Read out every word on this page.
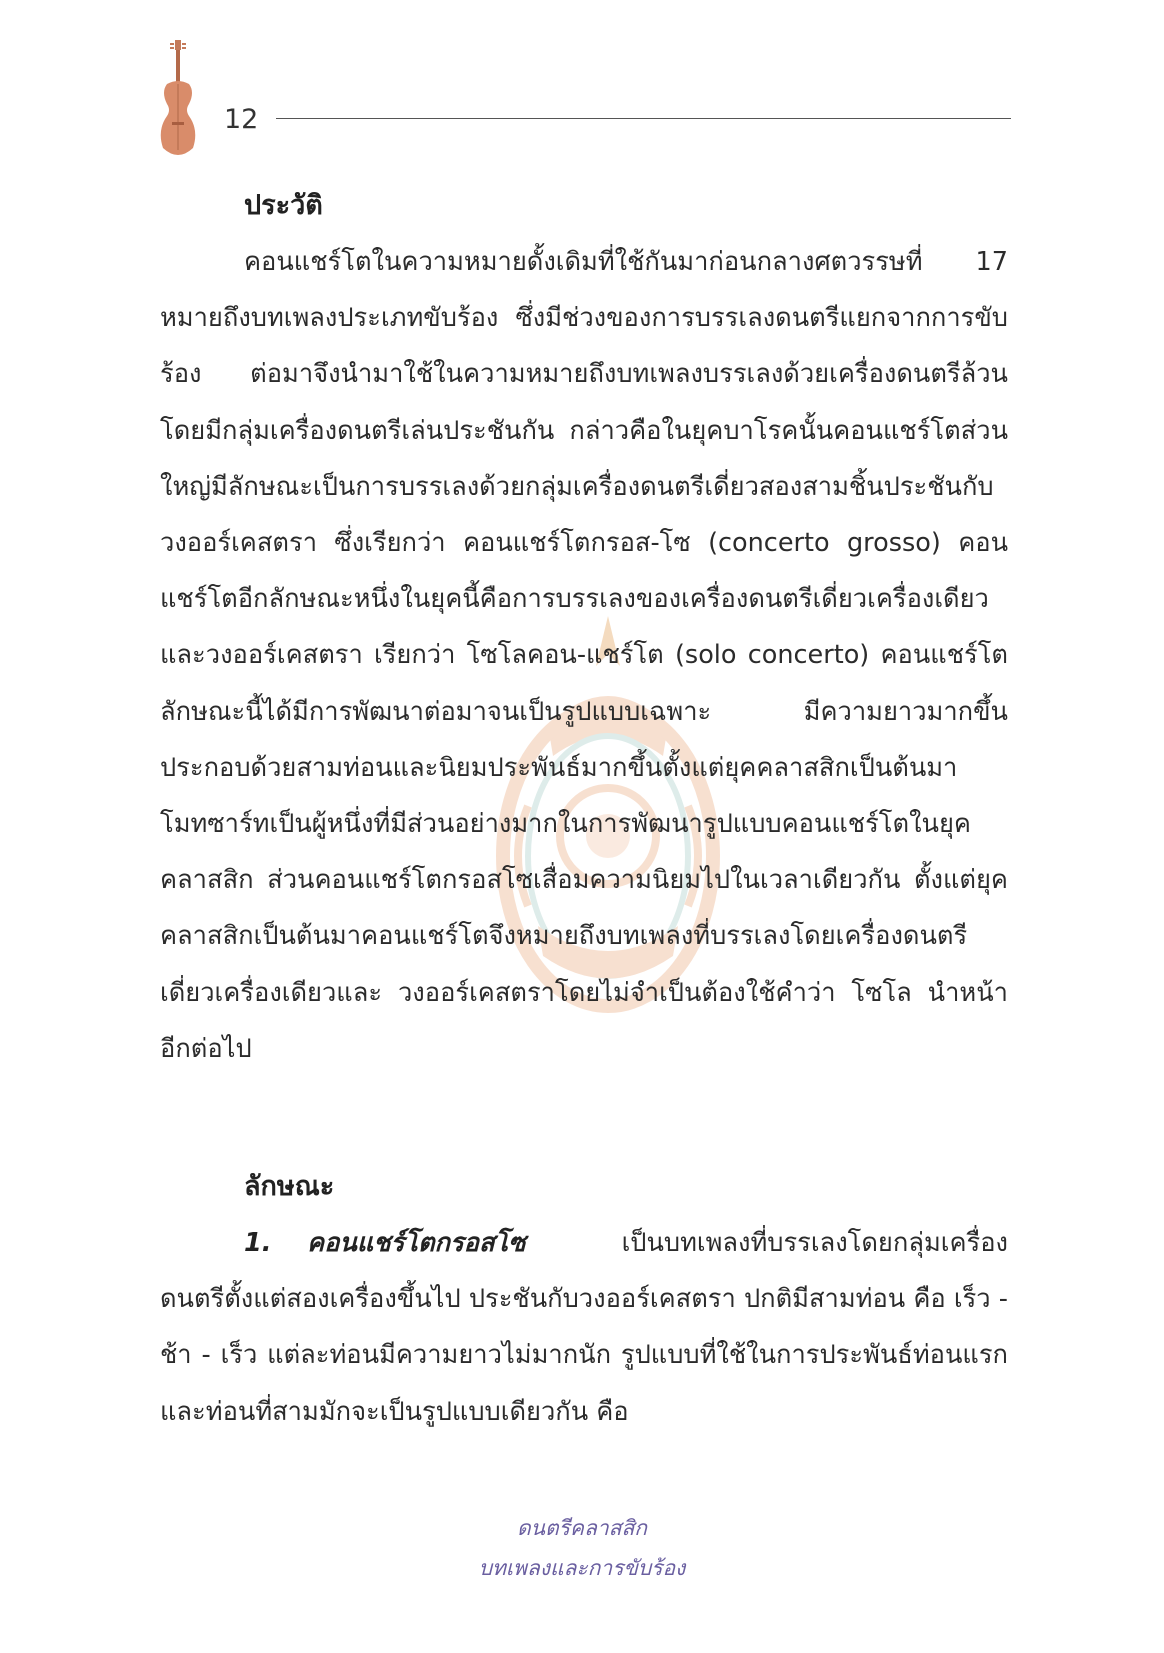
12
ประวัติ

คอนแชร์โตในความหมายดั้งเดิมที่ใช้กันมาก่อนกลางศตวรรษที่ 17 หมายถึงบทเพลงประเภทขับร้อง ซึ่งมีช่วงของการบรรเลงดนตรีแยกจากการขับร้อง ต่อมาจึงนำมาใช้ในความหมายถึงบทเพลงบรรเลงด้วยเครื่องดนตรีล้วนโดยมีกลุ่มเครื่องดนตรีเล่นประชันกัน กล่าวคือในยุคบาโรคนั้นคอนแชร์โตส่วนใหญ่มีลักษณะเป็นการบรรเลงด้วยกลุ่มเครื่องดนตรีเดี่ยวสองสามชิ้นประชันกับวงออร์เคสตรา ซึ่งเรียกว่า คอนแชร์โตกรอส-โซ (concerto grosso) คอนแชร์โตอีกลักษณะหนึ่งในยุคนี้คือการบรรเลงของเครื่องดนตรีเดี่ยวเครื่องเดียวและวงออร์เคสตรา เรียกว่า โซโลคอน-แชร์โต (solo concerto) คอนแชร์โตลักษณะนี้ได้มีการพัฒนาต่อมาจนเป็นรูปแบบเฉพาะ มีความยาวมากขึ้น ประกอบด้วยสามท่อนและนิยมประพันธ์มากขึ้นตั้งแต่ยุคคลาสสิกเป็นต้นมา โมทซาร์ทเป็นผู้หนึ่งที่มีส่วนอย่างมากในการพัฒนารูปแบบคอนแชร์โตในยุคคลาสสิก ส่วนคอนแชร์โตกรอสโซเสื่อมความนิยมไปในเวลาเดียวกัน ตั้งแต่ยุคคลาสสิกเป็นต้นมาคอนแชร์โตจึงหมายถึงบทเพลงที่บรรเลงโดยเครื่องดนตรีเดี่ยวเครื่องเดียวและ วงออร์เคสตราโดยไม่จำเป็นต้องใช้คำว่า โซโล นำหน้าอีกต่อไป

ลักษณะ

1. คอนแชร์โตกรอสโซ	เป็นบทเพลงที่บรรเลงโดยกลุ่มเครื่องดนตรีตั้งแต่สองเครื่องขึ้นไป ประชันกับวงออร์เคสตรา ปกติมีสามท่อน คือ เร็ว - ช้า - เร็ว แต่ละท่อนมีความยาวไม่มากนัก รูปแบบที่ใช้ในการประพันธ์ท่อนแรกและท่อนที่สามมักจะเป็นรูปแบบเดียวกัน คือ

ดนตรีคลาสสิก
บทเพลงและการขับร้อง
